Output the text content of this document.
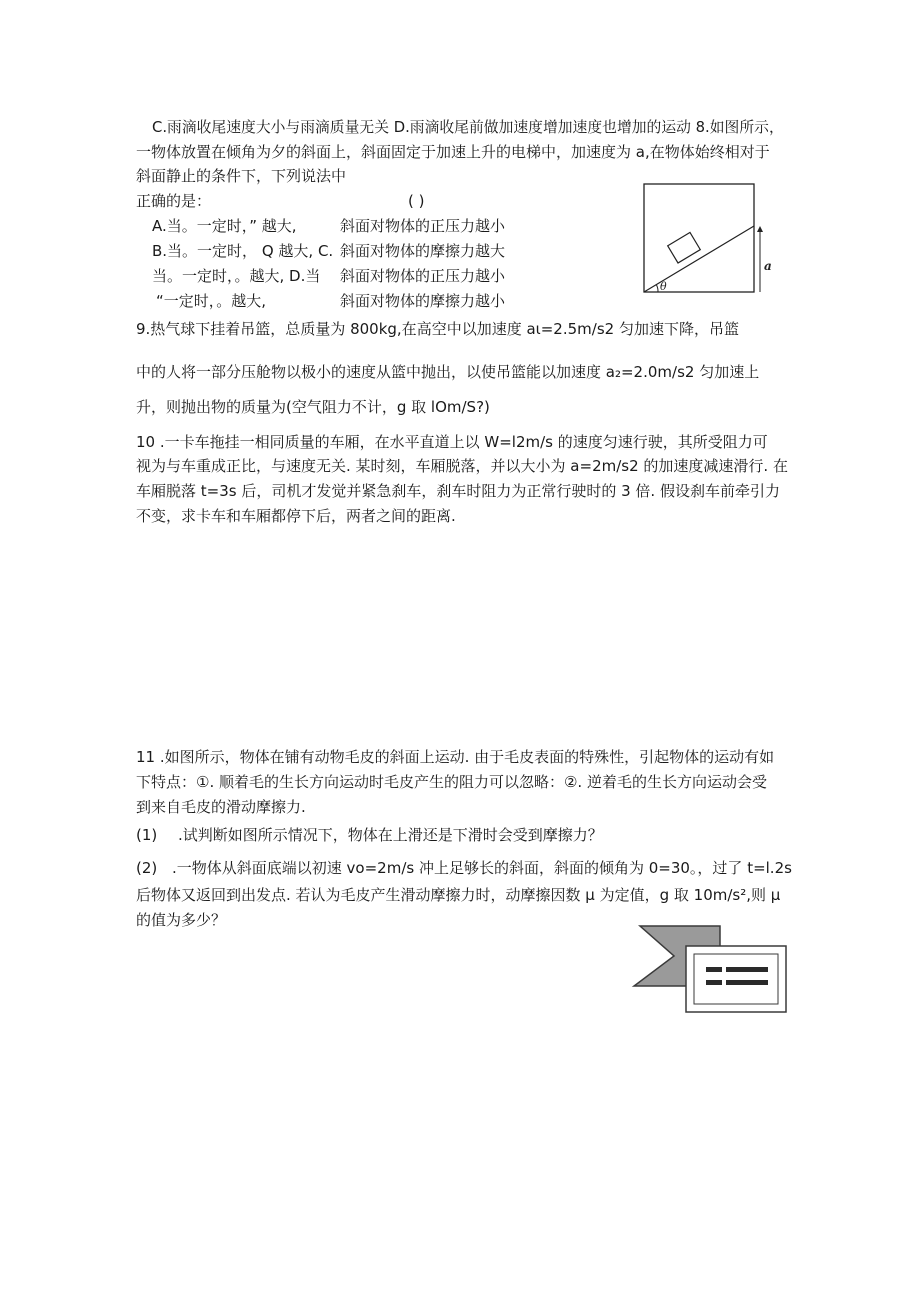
C.雨滴收尾速度大小与雨滴质量无关 D.雨滴收尾前做加速度增加速度也增加的运动 8.如图所示，
一物体放置在倾角为夕的斜面上，斜面固定于加速上升的电梯中，加速度为 a,在物体始终相对于
斜面静止的条件下，下列说法中
正确的是：	( )
A.当。一定时，” 越大,
B.当。一定时， Q 越大, C.
当。一定时，。越大, D.当
“一定时，。越大,
斜面对物体的正压力越小
斜面对物体的摩擦力越大
斜面对物体的正压力越小
斜面对物体的摩擦力越小
θ
a
9.热气球下挂着吊篮，总质量为 800kg,在高空中以加速度 aι=2.5m∕s2 匀加速下降，吊篮
中的人将一部分压舱物以极小的速度从篮中抛出，以使吊篮能以加速度 a₂=2.0m∕s2 匀加速上
升，则抛出物的质量为(空气阻力不计，g 取 lOm/S?)
10 .一卡车拖挂一相同质量的车厢，在水平直道上以 W=l2m∕s 的速度匀速行驶，其所受阻力可
视为与车重成正比，与速度无关. 某时刻，车厢脱落，并以大小为 a=2m∕s2 的加速度减速滑行. 在
车厢脱落 t=3s 后，司机才发觉并紧急刹车，刹车时阻力为正常行驶时的 3 倍. 假设刹车前牵引力
不变，求卡车和车厢都停下后，两者之间的距离.
11 .如图所示，物体在铺有动物毛皮的斜面上运动. 由于毛皮表面的特殊性，引起物体的运动有如
下特点：①. 顺着毛的生长方向运动时毛皮产生的阻力可以忽略：②. 逆着毛的生长方向运动会受
到来自毛皮的滑动摩擦力.
(1) .试判断如图所示情况下，物体在上滑还是下滑时会受到摩擦力？
(2) .一物体从斜面底端以初速 vo=2m∕s 冲上足够长的斜面，斜面的倾角为 0=30。，过了 t=l.2s
后物体又返回到出发点. 若认为毛皮产生滑动摩擦力时，动摩擦因数 μ 为定值，g 取 10m∕s²,则 μ
的值为多少？
